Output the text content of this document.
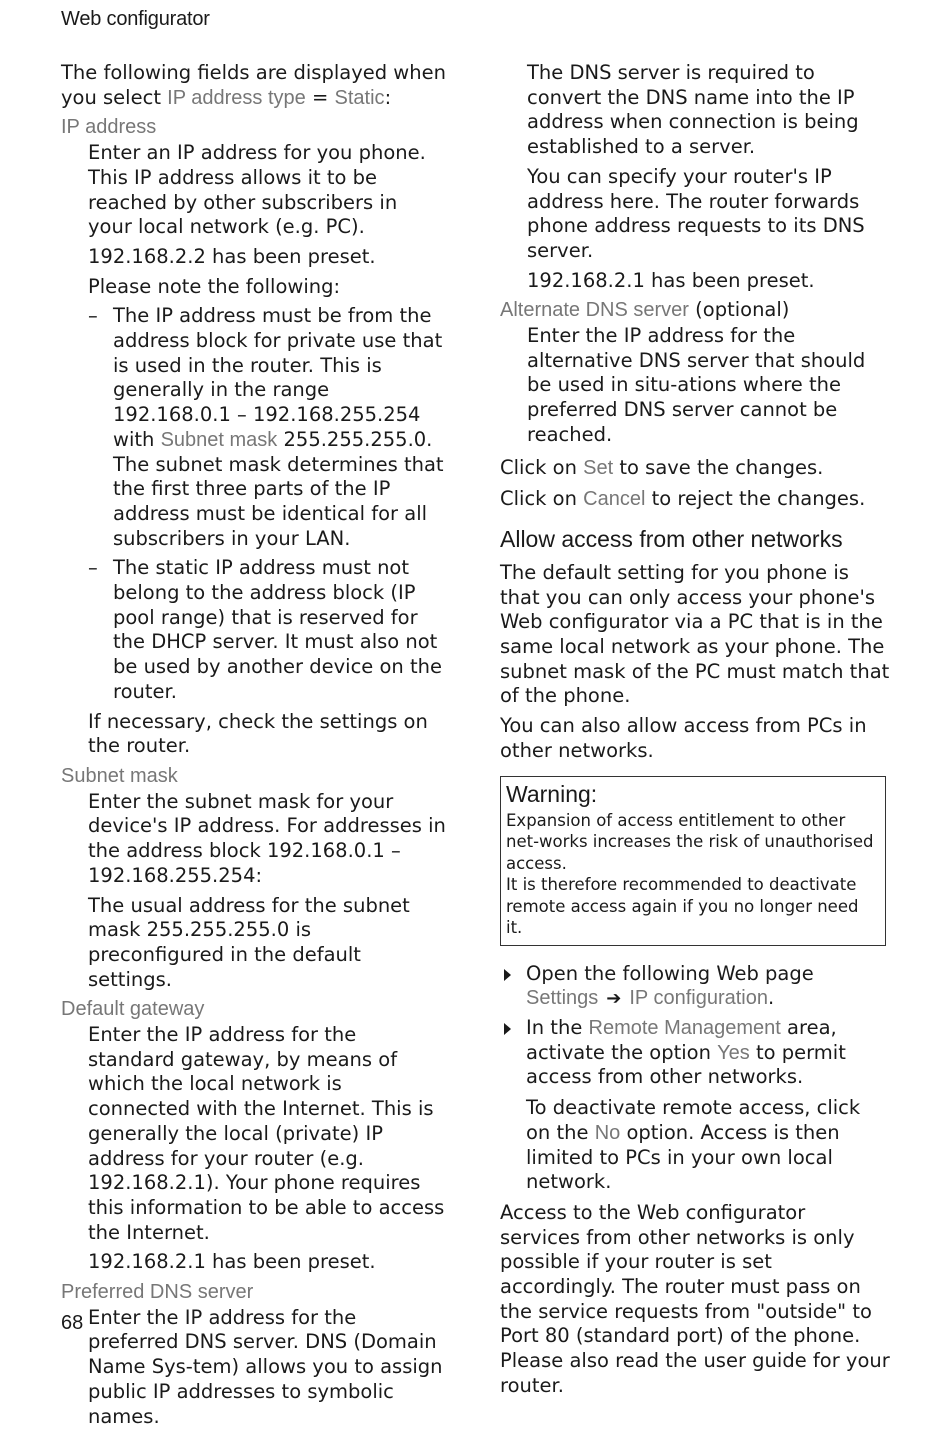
Web configurator

The following fields are displayed when you select IP address type = Static:

IP address

Enter an IP address for you phone. This IP address allows it to be reached by other subscribers in your local network (e.g. PC).

192.168.2.2 has been preset.

Please note the following:

– The IP address must be from the address block for private use that is used in the router. This is generally in the range 192.168.0.1 – 192.168.255.254 with Subnet mask 255.255.255.0. The subnet mask determines that the first three parts of the IP address must be identical for all subscribers in your LAN.
– The static IP address must not belong to the address block (IP pool range) that is reserved for the DHCP server. It must also not be used by another device on the router.

If necessary, check the settings on the router.

Subnet mask

Enter the subnet mask for your device's IP address. For addresses in the address block 192.168.0.1 – 192.168.255.254:

The usual address for the subnet mask 255.255.255.0 is preconfigured in the default settings.

Default gateway

Enter the IP address for the standard gateway, by means of which the local network is connected with the Internet. This is generally the local (private) IP address for your router (e.g. 192.168.2.1). Your phone requires this information to be able to access the Internet.

192.168.2.1 has been preset.

Preferred DNS server

Enter the IP address for the preferred DNS server. DNS (Domain Name Sys-tem) allows you to assign public IP addresses to symbolic names.

The DNS server is required to convert the DNS name into the IP address when connection is being established to a server.

You can specify your router's IP address here. The router forwards phone address requests to its DNS server.

192.168.2.1 has been preset.

Alternate DNS server (optional)

Enter the IP address for the alternative DNS server that should be used in situ-ations where the preferred DNS server cannot be reached.

Click on Set to save the changes.

Click on Cancel to reject the changes.

Allow access from other networks

The default setting for you phone is that you can only access your phone's Web configurator via a PC that is in the same local network as your phone. The subnet mask of the PC must match that of the phone.

You can also allow access from PCs in other networks.

Warning:
Expansion of access entitlement to other net-works increases the risk of unauthorised access.
It is therefore recommended to deactivate remote access again if you no longer need it.
Open the following Web page
Settings ➔ IP configuration.
In the Remote Management area, activate the option Yes to permit access from other networks.

To deactivate remote access, click on the No option. Access is then limited to PCs in your own local network.

Access to the Web configurator services from other networks is only possible if your router is set accordingly. The router must pass on the service requests from "outside" to Port 80 (standard port) of the phone. Please also read the user guide for your router.

68
